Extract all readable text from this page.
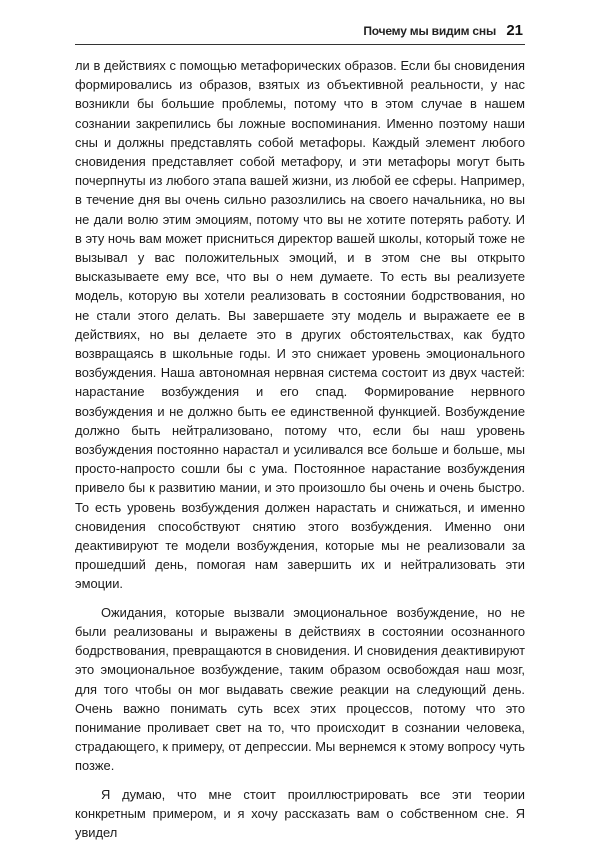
Почему мы видим сны 21

ли в действиях с помощью метафорических образов. Если бы сновидения формировались из образов, взятых из объективной реальности, у нас возникли бы большие проблемы, потому что в этом случае в нашем сознании закрепились бы ложные воспоминания. Именно поэтому наши сны и должны представлять собой метафоры. Каждый элемент любого сновидения представляет собой метафору, и эти метафоры могут быть почерпнуты из любого этапа вашей жизни, из любой ее сферы. Например, в течение дня вы очень сильно разозлились на своего начальника, но вы не дали волю этим эмоциям, потому что вы не хотите потерять работу. И в эту ночь вам может присниться директор вашей школы, который тоже не вызывал у вас положительных эмоций, и в этом сне вы открыто высказываете ему все, что вы о нем думаете. То есть вы реализуете модель, которую вы хотели реализовать в состоянии бодрствования, но не стали этого делать. Вы завершаете эту модель и выражаете ее в действиях, но вы делаете это в других обстоятельствах, как будто возвращаясь в школьные годы. И это снижает уровень эмоционального возбуждения. Наша автономная нервная система состоит из двух частей: нарастание возбуждения и его спад. Формирование нервного возбуждения и не должно быть ее единственной функцией. Возбуждение должно быть нейтрализовано, потому что, если бы наш уровень возбуждения постоянно нарастал и усиливался все больше и больше, мы просто-напросто сошли бы с ума. Постоянное нарастание возбуждения привело бы к развитию мании, и это произошло бы очень и очень быстро. То есть уровень возбуждения должен нарастать и снижаться, и именно сновидения способствуют снятию этого возбуждения. Именно они деактивируют те модели возбуждения, которые мы не реализовали за прошедший день, помогая нам завершить их и нейтрализовать эти эмоции.

Ожидания, которые вызвали эмоциональное возбуждение, но не были реализованы и выражены в действиях в состоянии осознанного бодрствования, превращаются в сновидения. И сновидения деактивируют это эмоциональное возбуждение, таким образом освобождая наш мозг, для того чтобы он мог выдавать свежие реакции на следующий день. Очень важно понимать суть всех этих процессов, потому что это понимание проливает свет на то, что происходит в сознании человека, страдающего, к примеру, от депрессии. Мы вернемся к этому вопросу чуть позже.

Я думаю, что мне стоит проиллюстрировать все эти теории конкретным примером, и я хочу рассказать вам о собственном сне. Я увидел
